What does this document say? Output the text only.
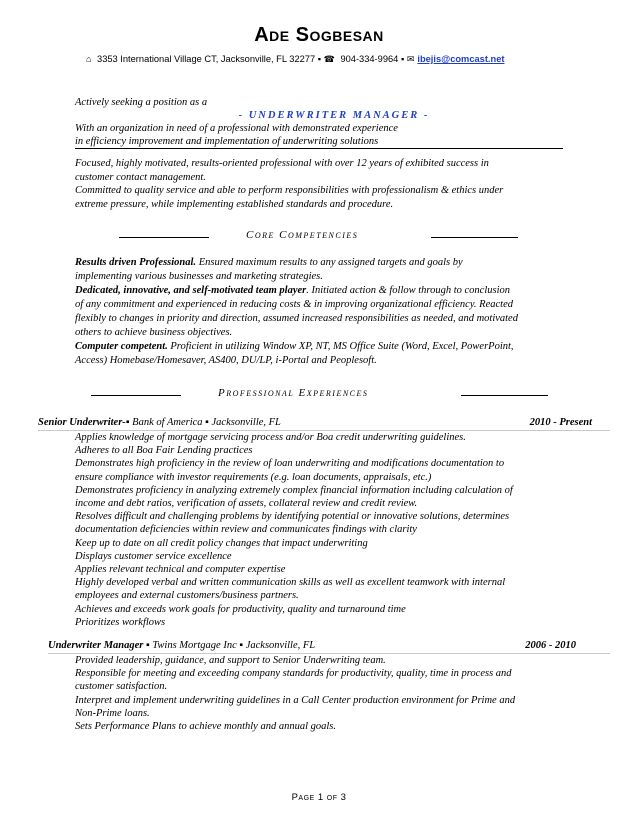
Ade Sogbesan
⌂ 3353 International Village CT, Jacksonville, FL 32277 ▪ ☎ 904-334-9964 ▪ ✉ ibejis@comcast.net
Actively seeking a position as a
- UNDERWRITER MANAGER -
With an organization in need of a professional with demonstrated experience
in efficiency improvement and implementation of underwriting solutions
Focused, highly motivated, results-oriented professional with over 12 years of exhibited success in
customer contact management.
Committed to quality service and able to perform responsibilities with professionalism & ethics under
extreme pressure, while implementing established standards and procedure.
Core Competencies
Results driven Professional. Ensured maximum results to any assigned targets and goals by
implementing various businesses and marketing strategies.
Dedicated, innovative, and self-motivated team player. Initiated action & follow through to conclusion
of any commitment and experienced in reducing costs & in improving organizational efficiency. Reacted
flexibly to changes in priority and direction, assumed increased responsibilities as needed, and motivated
others to achieve business objectives.
Computer competent. Proficient in utilizing Window XP, NT, MS Office Suite (Word, Excel, PowerPoint,
Access) Homebase/Homesaver, AS400, DU/LP, i-Portal and Peoplesoft.
Professional Experiences
Senior Underwriter-▪ Bank of America ▪ Jacksonville, FL	2010 - Present
Applies knowledge of mortgage servicing process and/or Boa credit underwriting guidelines.
Adheres to all Boa Fair Lending practices
Demonstrates high proficiency in the review of loan underwriting and modifications documentation to
ensure compliance with investor requirements (e.g. loan documents, appraisals, etc.)
Demonstrates proficiency in analyzing extremely complex financial information including calculation of
income and debt ratios, verification of assets, collateral review and credit review.
Resolves difficult and challenging problems by identifying potential or innovative solutions, determines
documentation deficiencies within review and communicates findings with clarity
Keep up to date on all credit policy changes that impact underwriting
Displays customer service excellence
Applies relevant technical and computer expertise
Highly developed verbal and written communication skills as well as excellent teamwork with internal
employees and external customers/business partners.
Achieves and exceeds work goals for productivity, quality and turnaround time
Prioritizes workflows
Underwriter Manager ▪ Twins Mortgage Inc ▪ Jacksonville, FL	2006 - 2010
Provided leadership, guidance, and support to Senior Underwriting team.
Responsible for meeting and exceeding company standards for productivity, quality, time in process and
customer satisfaction.
Interpret and implement underwriting guidelines in a Call Center production environment for Prime and
Non-Prime loans.
Sets Performance Plans to achieve monthly and annual goals.
Page 1 of 3
